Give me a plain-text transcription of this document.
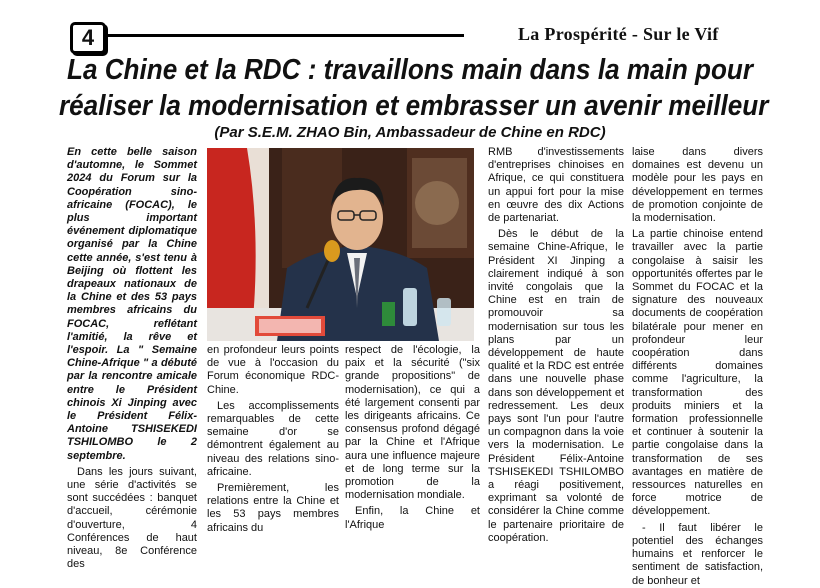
4	La Prospérité - Sur le Vif
La Chine et la RDC : travaillons main dans la main pour
réaliser la modernisation et embrasser un avenir meilleur
(Par S.E.M. ZHAO Bin, Ambassadeur de Chine en RDC)

En cette belle saison d'automne, le Sommet 2024 du Forum sur la Coopération sino-africaine (FOCAC), le plus important événement diplomatique organisé par la Chine cette année, s'est tenu à Beijing où flottent les drapeaux nationaux de la Chine et des 53 pays membres africains du FOCAC, reflétant l'amitié, la rêve et l'espoir. La " Semaine Chine-Afrique " a débuté par la rencontre amicale entre le Président chinois Xi Jinping avec le Président Félix-Antoine TSHISEKEDI TSHILOMBO le 2 septembre.

Dans les jours suivant, une série d'activités se sont succédées : banquet d'accueil, cérémonie d'ouverture, 4 Conférences de haut niveau, 8e Conférence des

en profondeur leurs points de vue à l'occasion du Forum économique RDC-Chine.

Les accomplissements remarquables de cette semaine d'or se démontrent également au niveau des relations sino-africaine.

Premièrement, les relations entre la Chine et les 53 pays membres africains du

respect de l'écologie, la paix et la sécurité ("six grande propositions" de modernisation), ce qui a été largement consenti par les dirigeants africains. Ce consensus profond dégagé par la Chine et l'Afrique aura une influence majeure et de long terme sur la promotion de la modernisation mondiale.

Enfin, la Chine et l'Afrique

RMB d'investissements d'entreprises chinoises en Afrique, ce qui constituera un appui fort pour la mise en œuvre des dix Actions de partenariat.

Dès le début de la semaine Chine-Afrique, le Président XI Jinping a clairement indiqué à son invité congolais que la Chine est en train de promouvoir sa modernisation sur tous les plans par un développement de haute qualité et la RDC est entrée dans une nouvelle phase dans son développement et redressement. Les deux pays sont l'un pour l'autre un compagnon dans la voie vers la modernisation. Le Président Félix-Antoine TSHISEKEDI TSHILOMBO a réagi positivement, exprimant sa volonté de considérer la Chine comme le partenaire prioritaire de coopération.

laise dans divers domaines est devenu un modèle pour les pays en développement en termes de promotion conjointe de la modernisation.

La partie chinoise entend travailler avec la partie congolaise à saisir les opportunités offertes par le Sommet du FOCAC et la signature des nouveaux documents de coopération bilatérale pour mener en profondeur leur coopération dans différents domaines comme l'agriculture, la transformation des produits miniers et la formation professionnelle et continuer à soutenir la partie congolaise dans la transformation de ses avantages en matière de ressources naturelles en force motrice de développement.

- Il faut libérer le potentiel des échanges humains et renforcer le sentiment de satisfaction, de bonheur et
